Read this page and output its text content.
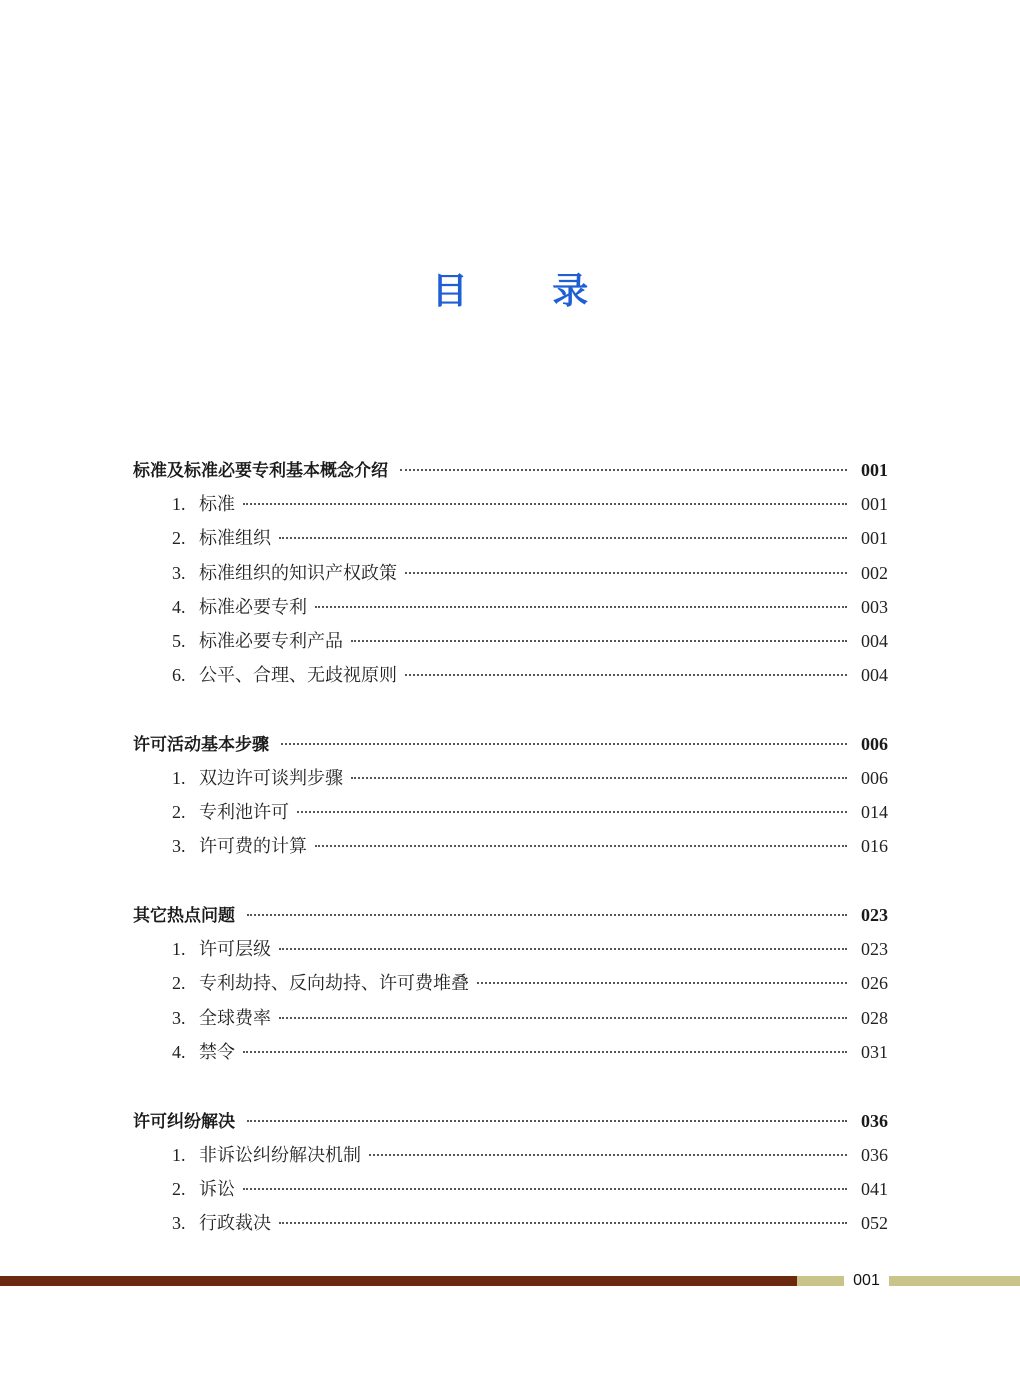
目 录
标准及标准必要专利基本概念介绍	001
1. 标准	001
2. 标准组织	001
3. 标准组织的知识产权政策	002
4. 标准必要专利	003
5. 标准必要专利产品	004
6. 公平、合理、无歧视原则	004
许可活动基本步骤	006
1. 双边许可谈判步骤	006
2. 专利池许可	014
3. 许可费的计算	016
其它热点问题	023
1. 许可层级	023
2. 专利劫持、反向劫持、许可费堆叠	026
3. 全球费率	028
4. 禁令	031
许可纠纷解决	036
1. 非诉讼纠纷解决机制	036
2. 诉讼	041
3. 行政裁决	052
001
